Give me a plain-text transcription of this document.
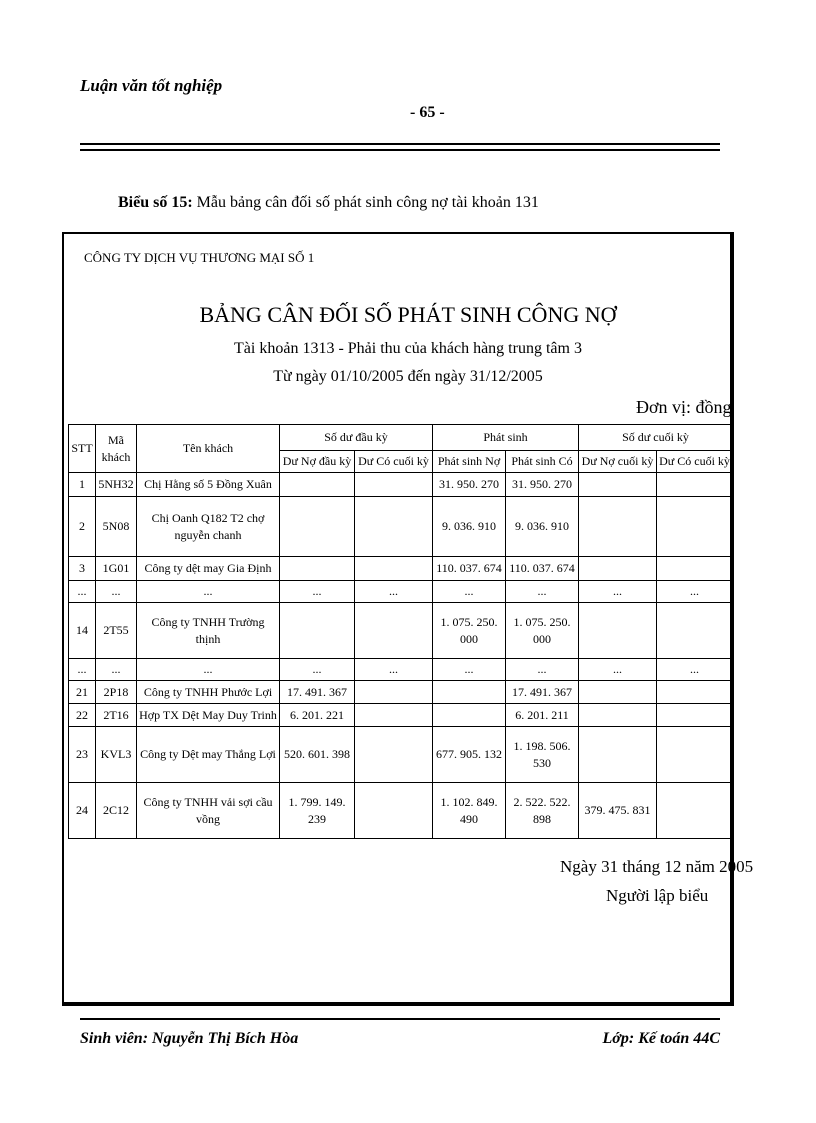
Luận văn tốt nghiệp
- 65 -
Biểu số 15: Mẫu bảng cân đối số phát sinh công nợ tài khoản 131
CÔNG TY DỊCH VỤ THƯƠNG MẠI SỐ 1
BẢNG CÂN ĐỐI SỐ PHÁT SINH CÔNG NỢ
Tài khoản 1313 - Phải thu của khách hàng trung tâm 3
Từ ngày 01/10/2005 đến ngày 31/12/2005
Đơn vị: đồng
STT	Mã khách	Tên khách	Số dư đầu kỳ		Phát sinh		Số dư cuối kỳ	
			Dư Nợ đầu kỳ	Dư Có cuối kỳ	Phát sinh Nợ	Phát sinh Có	Dư Nợ cuối kỳ	Dư Có cuối kỳ
1	5NH32	Chị Hằng số 5 Đồng Xuân			31. 950. 270	31. 950. 270		
2	5N08	Chị Oanh Q182 T2 chợ nguyễn chanh			9. 036. 910	9. 036. 910		
3	1G01	Công ty dệt may Gia Định			110. 037. 674	110. 037. 674		
...	...	...	...	...	...	...	...	...
14	2T55	Công ty TNHH Trường thịnh			1. 075. 250. 000	1. 075. 250. 000		
...	...	...	...	...	...	...	...	...
21	2P18	Công ty TNHH Phước Lợi	17. 491. 367			17. 491. 367		
22	2T16	Hợp TX Dệt May Duy Trinh	6. 201. 221			6. 201. 211		
23	KVL3	Công ty Dệt may Thắng Lợi	520. 601. 398		677. 905. 132	1. 198. 506. 530		
24	2C12	Công ty TNHH vải sợi cầu vồng	1. 799. 149. 239		1. 102. 849. 490	2. 522. 522. 898	379. 475. 831	
Ngày 31 tháng 12 năm 2005
Người lập biểu
Sinh viên: Nguyễn Thị Bích Hòa	Lớp: Kế toán 44C
